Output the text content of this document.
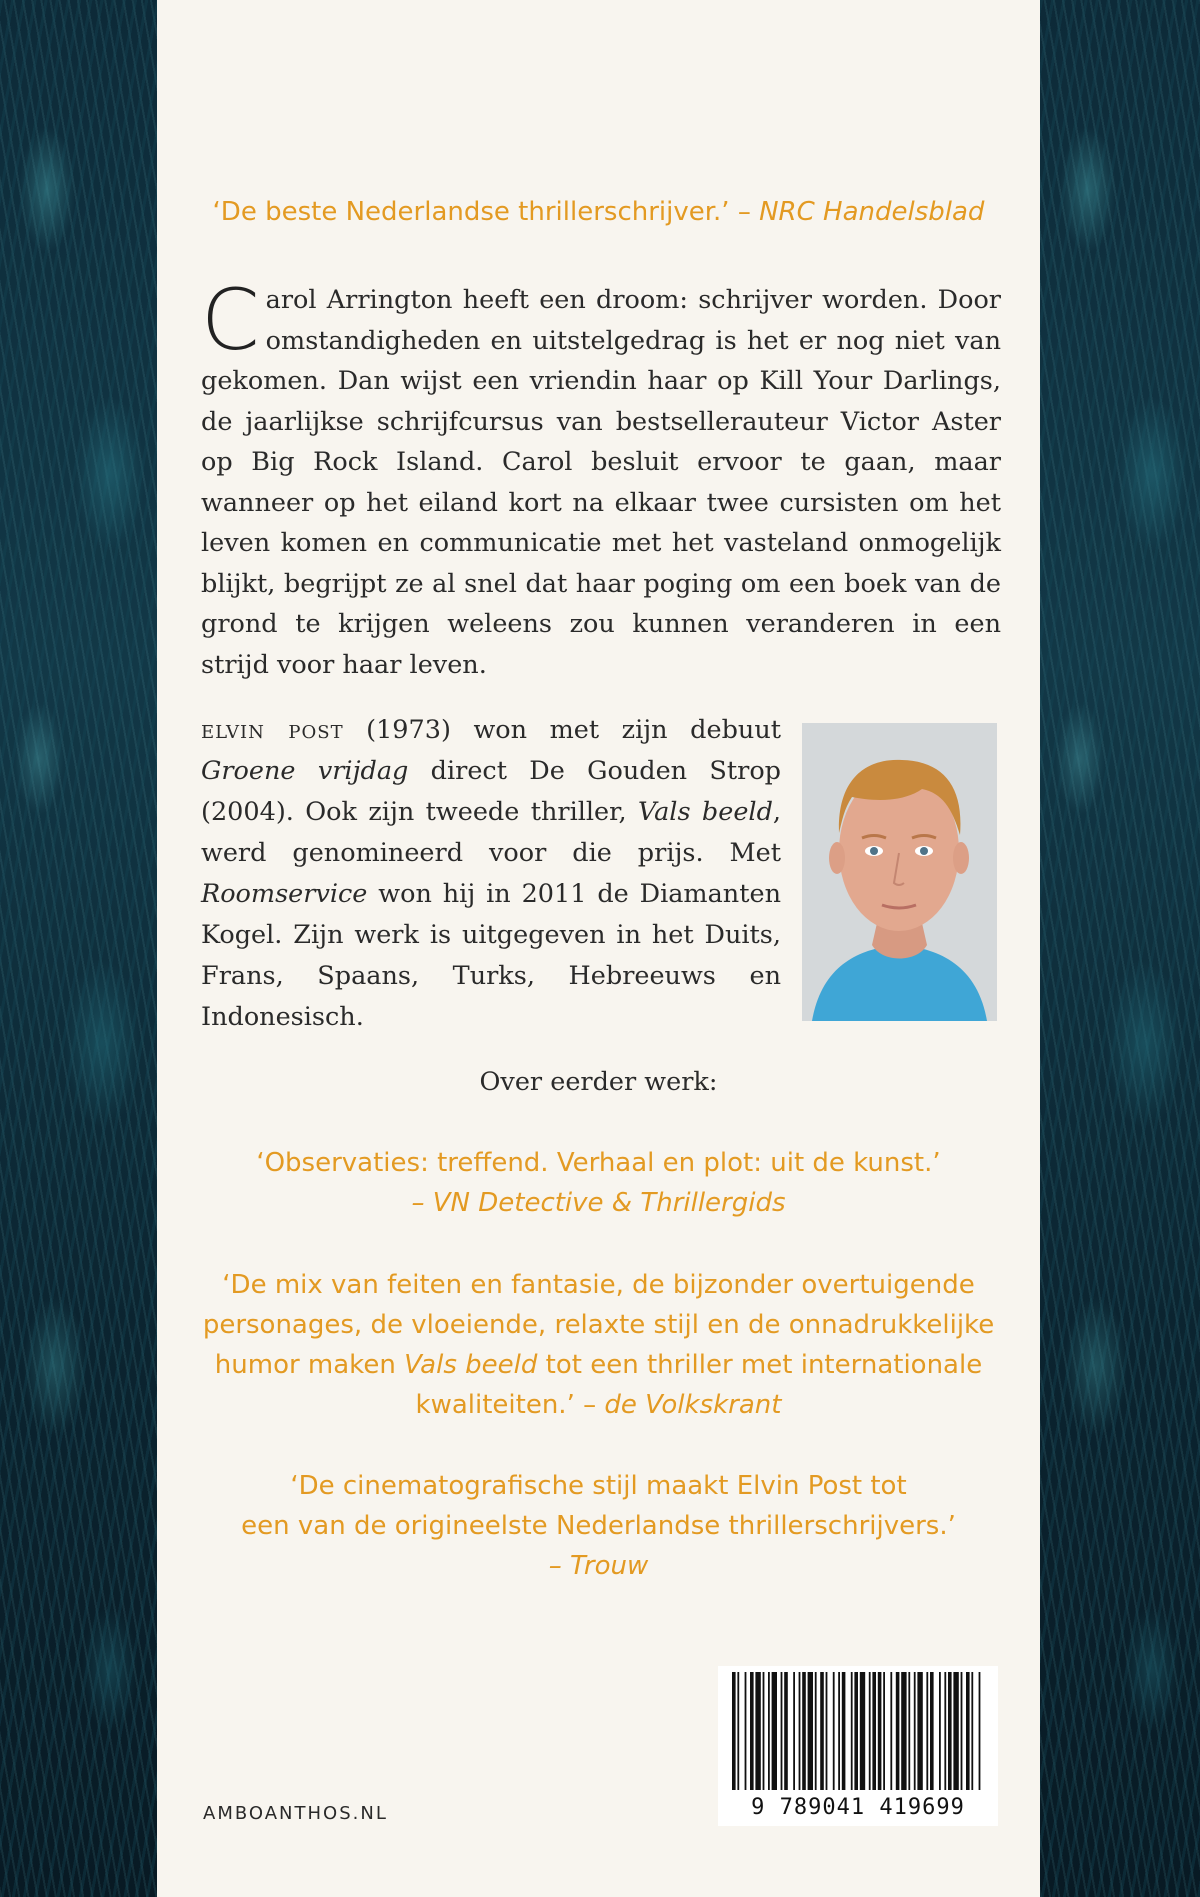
‘De beste Nederlandse thrillerschrijver.’ – NRC Handelsblad
Carol Arrington heeft een droom: schrijver worden. Door omstandigheden en uitstelgedrag is het er nog niet van gekomen. Dan wijst een vriendin haar op Kill Your Darlings, de jaarlijkse schrijfcursus van bestsellerauteur Victor Aster op Big Rock Island. Carol besluit ervoor te gaan, maar wanneer op het eiland kort na elkaar twee cursisten om het leven komen en communicatie met het vasteland onmogelijk blijkt, begrijpt ze al snel dat haar poging om een boek van de grond te krijgen weleens zou kunnen veranderen in een strijd voor haar leven.
elvin post (1973) won met zijn debuut Groene vrijdag direct De Gouden Strop (2004). Ook zijn tweede thriller, Vals beeld, werd genomineerd voor die prijs. Met Roomservice won hij in 2011 de Diamanten Kogel. Zijn werk is uitgegeven in het Duits, Frans, Spaans, Turks, Hebreeuws en Indonesisch.
Over eerder werk:
‘Observaties: treffend. Verhaal en plot: uit de kunst.’
– VN Detective & Thrillergids
‘De mix van feiten en fantasie, de bijzonder overtuigende
personages, de vloeiende, relaxte stijl en de onnadrukkelijke
humor maken Vals beeld tot een thriller met internationale
kwaliteiten.’ – de Volkskrant
‘De cinematografische stijl maakt Elvin Post tot
een van de origineelste Nederlandse thrillerschrijvers.’
– Trouw
9 789041 419699
AMBOANTHOS.NL
